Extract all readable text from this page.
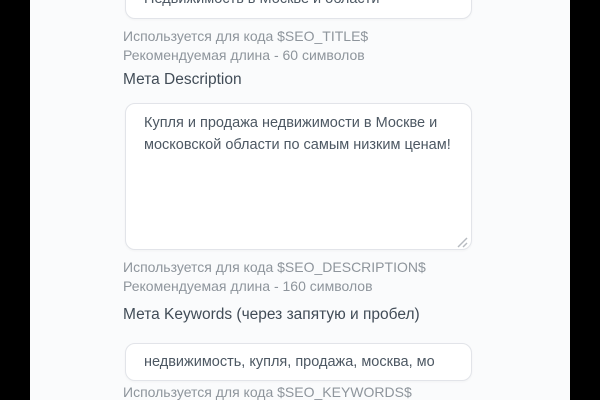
Недвижимость в Москве и области
Используется для кода $SEO_TITLE$
Рекомендуемая длина - 60 символов
Мета Description
Купля и продажа недвижимости в Москве и московской области по самым низким ценам!
Используется для кода $SEO_DESCRIPTION$
Рекомендуемая длина - 160 символов
Мета Keywords (через запятую и пробел)
недвижимость, купля, продажа, москва, мо
Используется для кода $SEO_KEYWORDS$
